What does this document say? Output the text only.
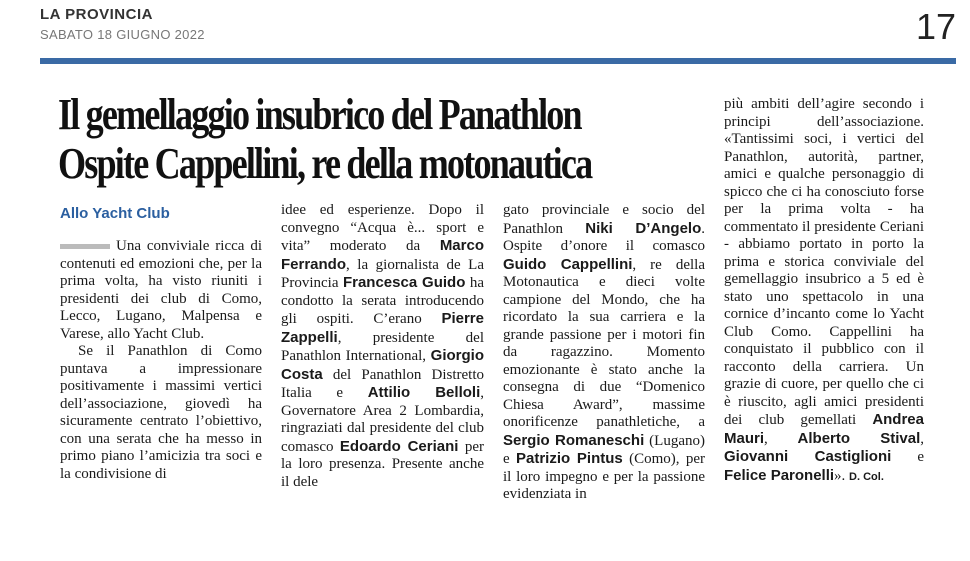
LA PROVINCIA
SABATO 18 GIUGNO 2022	17
Il gemellaggio insubrico del Panathlon
Ospite Cappellini, re della motonautica
Allo Yacht Club

Una conviviale ricca di contenuti ed emozioni che, per la prima volta, ha visto riuniti i presidenti dei club di Como, Lecco, Lugano, Malpensa e Varese, allo Yacht Club.

Se il Panathlon di Como puntava a impressionare positivamente i massimi vertici dell’associazione, giovedì ha sicuramente centrato l’obiettivo, con una serata che ha messo in primo piano l’amicizia tra soci e la condivisione di

idee ed esperienze. Dopo il convegno “Acqua è... sport e vita” moderato da Marco Ferrando, la giornalista de La Provincia Francesca Guido ha condotto la serata introducendo gli ospiti. C’erano Pierre Zappelli, presidente del Panathlon International, Giorgio Costa del Panathlon Distretto Italia e Attilio Belloli, Governatore Area 2 Lombardia, ringraziati dal presidente del club comasco Edoardo Ceriani per la loro presenza. Presente anche il dele

gato provinciale e socio del Panathlon Niki D’Angelo. Ospite d’onore il comasco Guido Cappellini, re della Motonautica e dieci volte campione del Mondo, che ha ricordato la sua carriera e la grande passione per i motori fin da ragazzino. Momento emozionante è stato anche la consegna di due “Domenico Chiesa Award”, massime onorificenze panathletiche, a Sergio Romaneschi (Lugano) e Patrizio Pintus (Como), per il loro impegno e per la passione evidenziata in

più ambiti dell’agire secondo i principi dell’associazione. «Tantissimi soci, i vertici del Panathlon, autorità, partner, amici e qualche personaggio di spicco che ci ha conosciuto forse per la prima volta - ha commentato il presidente Ceriani - abbiamo portato in porto la prima e storica conviviale del gemellaggio insubrico a 5 ed è stato uno spettacolo in una cornice d’incanto come lo Yacht Club Como. Cappellini ha conquistato il pubblico con il racconto della carriera. Un grazie di cuore, per quello che ci è riuscito, agli amici presidenti dei club gemellati Andrea Mauri, Alberto Stival, Giovanni Castiglioni e Felice Paronelli». D. Col.
